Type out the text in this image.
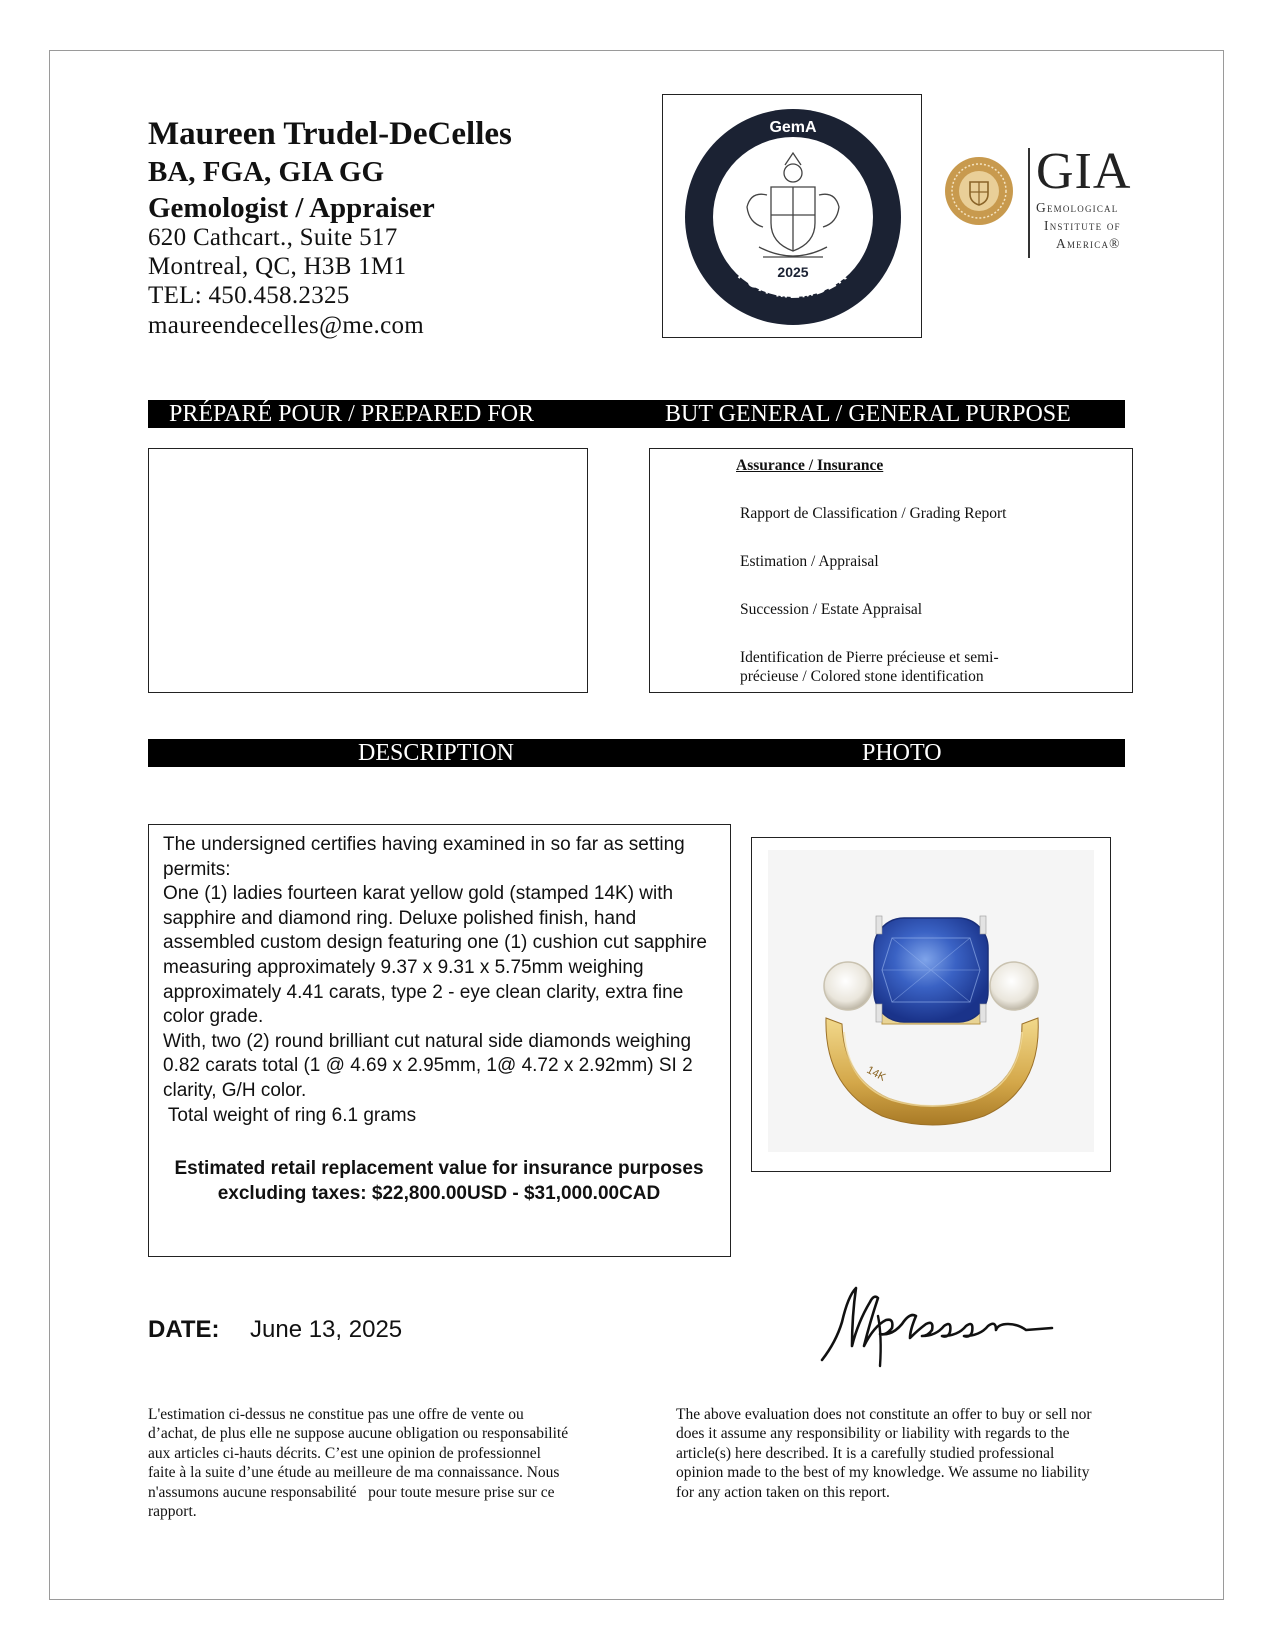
Maureen Trudel-DeCelles
BA, FGA, GIA GG
Gemologist / Appraiser
620 Cathcart., Suite 517
Montreal, QC, H3B 1M1
TEL: 450.458.2325
maureendecelles@me.com
GemA
2025
FGA MEMBER
GIA
Gemological
Institute of
America®
PRÉPARÉ POUR / PREPARED FOR	BUT GENERAL / GENERAL PURPOSE
Assurance / Insurance
Rapport de Classification / Grading Report
Estimation / Appraisal
Succession / Estate Appraisal
Identification de Pierre précieuse et semi-
précieuse / Colored stone identification
DESCRIPTION	PHOTO

The undersigned certifies having examined in so far as setting permits:

One (1) ladies fourteen karat yellow gold (stamped 14K) with sapphire and diamond ring. Deluxe polished finish, hand assembled custom design featuring one (1) cushion cut sapphire measuring approximately 9.37 x 9.31 x 5.75mm weighing approximately 4.41 carats, type 2 - eye clean clarity, extra fine color grade.

With, two (2) round brilliant cut natural side diamonds weighing 0.82 carats total (1 @ 4.69 x 2.95mm, 1@ 4.72 x 2.92mm) SI 2 clarity, G/H color.

Total weight of ring 6.1 grams

Estimated retail replacement value for insurance purposes excluding taxes: $22,800.00USD - $31,000.00CAD
14K
DATE: June 13, 2025
L'estimation ci-dessus ne constitue pas une offre de vente ou
d’achat, de plus elle ne suppose aucune obligation ou responsabilité
aux articles ci-hauts décrits. C’est une opinion de professionnel
faite à la suite d’une étude au meilleure de ma connaissance. Nous
n'assumons aucune responsabilité   pour toute mesure prise sur ce
rapport.
The above evaluation does not constitute an offer to buy or sell nor
does it assume any responsibility or liability with regards to the
article(s) here described. It is a carefully studied professional
opinion made to the best of my knowledge. We assume no liability
for any action taken on this report.
